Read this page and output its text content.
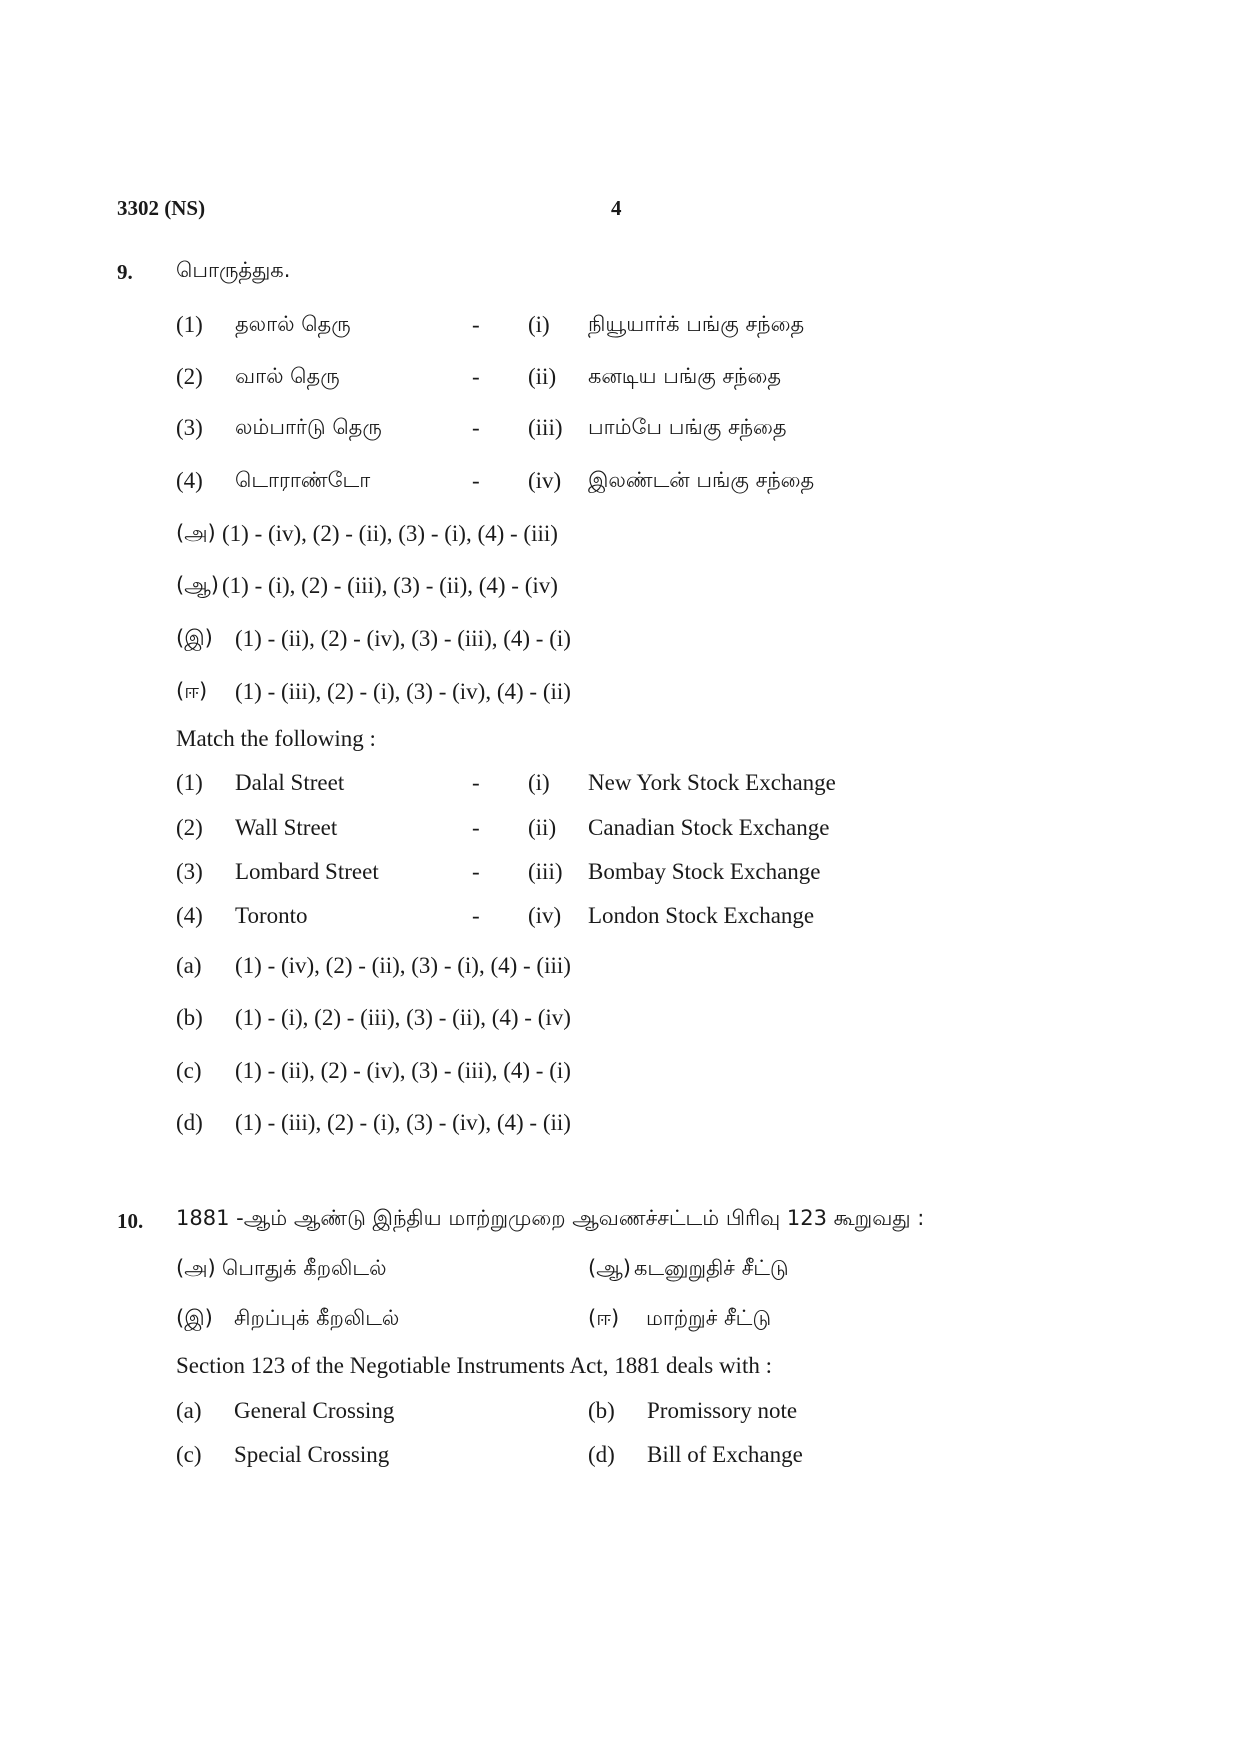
3302 (NS)	4
9. பொருத்துக.
(1) தலால் தெரு	- (i) நியூயார்க் பங்கு சந்தை
(2) வால் தெரு	- (ii) கனடிய பங்கு சந்தை
(3) லம்பார்டு தெரு	- (iii) பாம்பே பங்கு சந்தை
(4) டொராண்டோ	- (iv) இலண்டன் பங்கு சந்தை
(அ) (1) - (iv), (2) - (ii), (3) - (i), (4) - (iii)
(ஆ) (1) - (i), (2) - (iii), (3) - (ii), (4) - (iv)
(இ) (1) - (ii), (2) - (iv), (3) - (iii), (4) - (i)
(ஈ) (1) - (iii), (2) - (i), (3) - (iv), (4) - (ii)
Match the following :
(1) Dalal Street	- (i) New York Stock Exchange
(2) Wall Street	- (ii) Canadian Stock Exchange
(3) Lombard Street	- (iii) Bombay Stock Exchange
(4) Toronto	- (iv) London Stock Exchange
(a) (1) - (iv), (2) - (ii), (3) - (i), (4) - (iii)
(b) (1) - (i), (2) - (iii), (3) - (ii), (4) - (iv)
(c) (1) - (ii), (2) - (iv), (3) - (iii), (4) - (i)
(d) (1) - (iii), (2) - (i), (3) - (iv), (4) - (ii)
10. 1881 -ஆம் ஆண்டு இந்திய மாற்றுமுறை ஆவணச்சட்டம் பிரிவு 123 கூறுவது :
(அ) பொதுக் கீறலிடல்	(ஆ) கடனுறுதிச் சீட்டு
(இ) சிறப்புக் கீறலிடல்	(ஈ) மாற்றுச் சீட்டு
Section 123 of the Negotiable Instruments Act, 1881 deals with :
(a) General Crossing	(b) Promissory note
(c) Special Crossing	(d) Bill of Exchange
